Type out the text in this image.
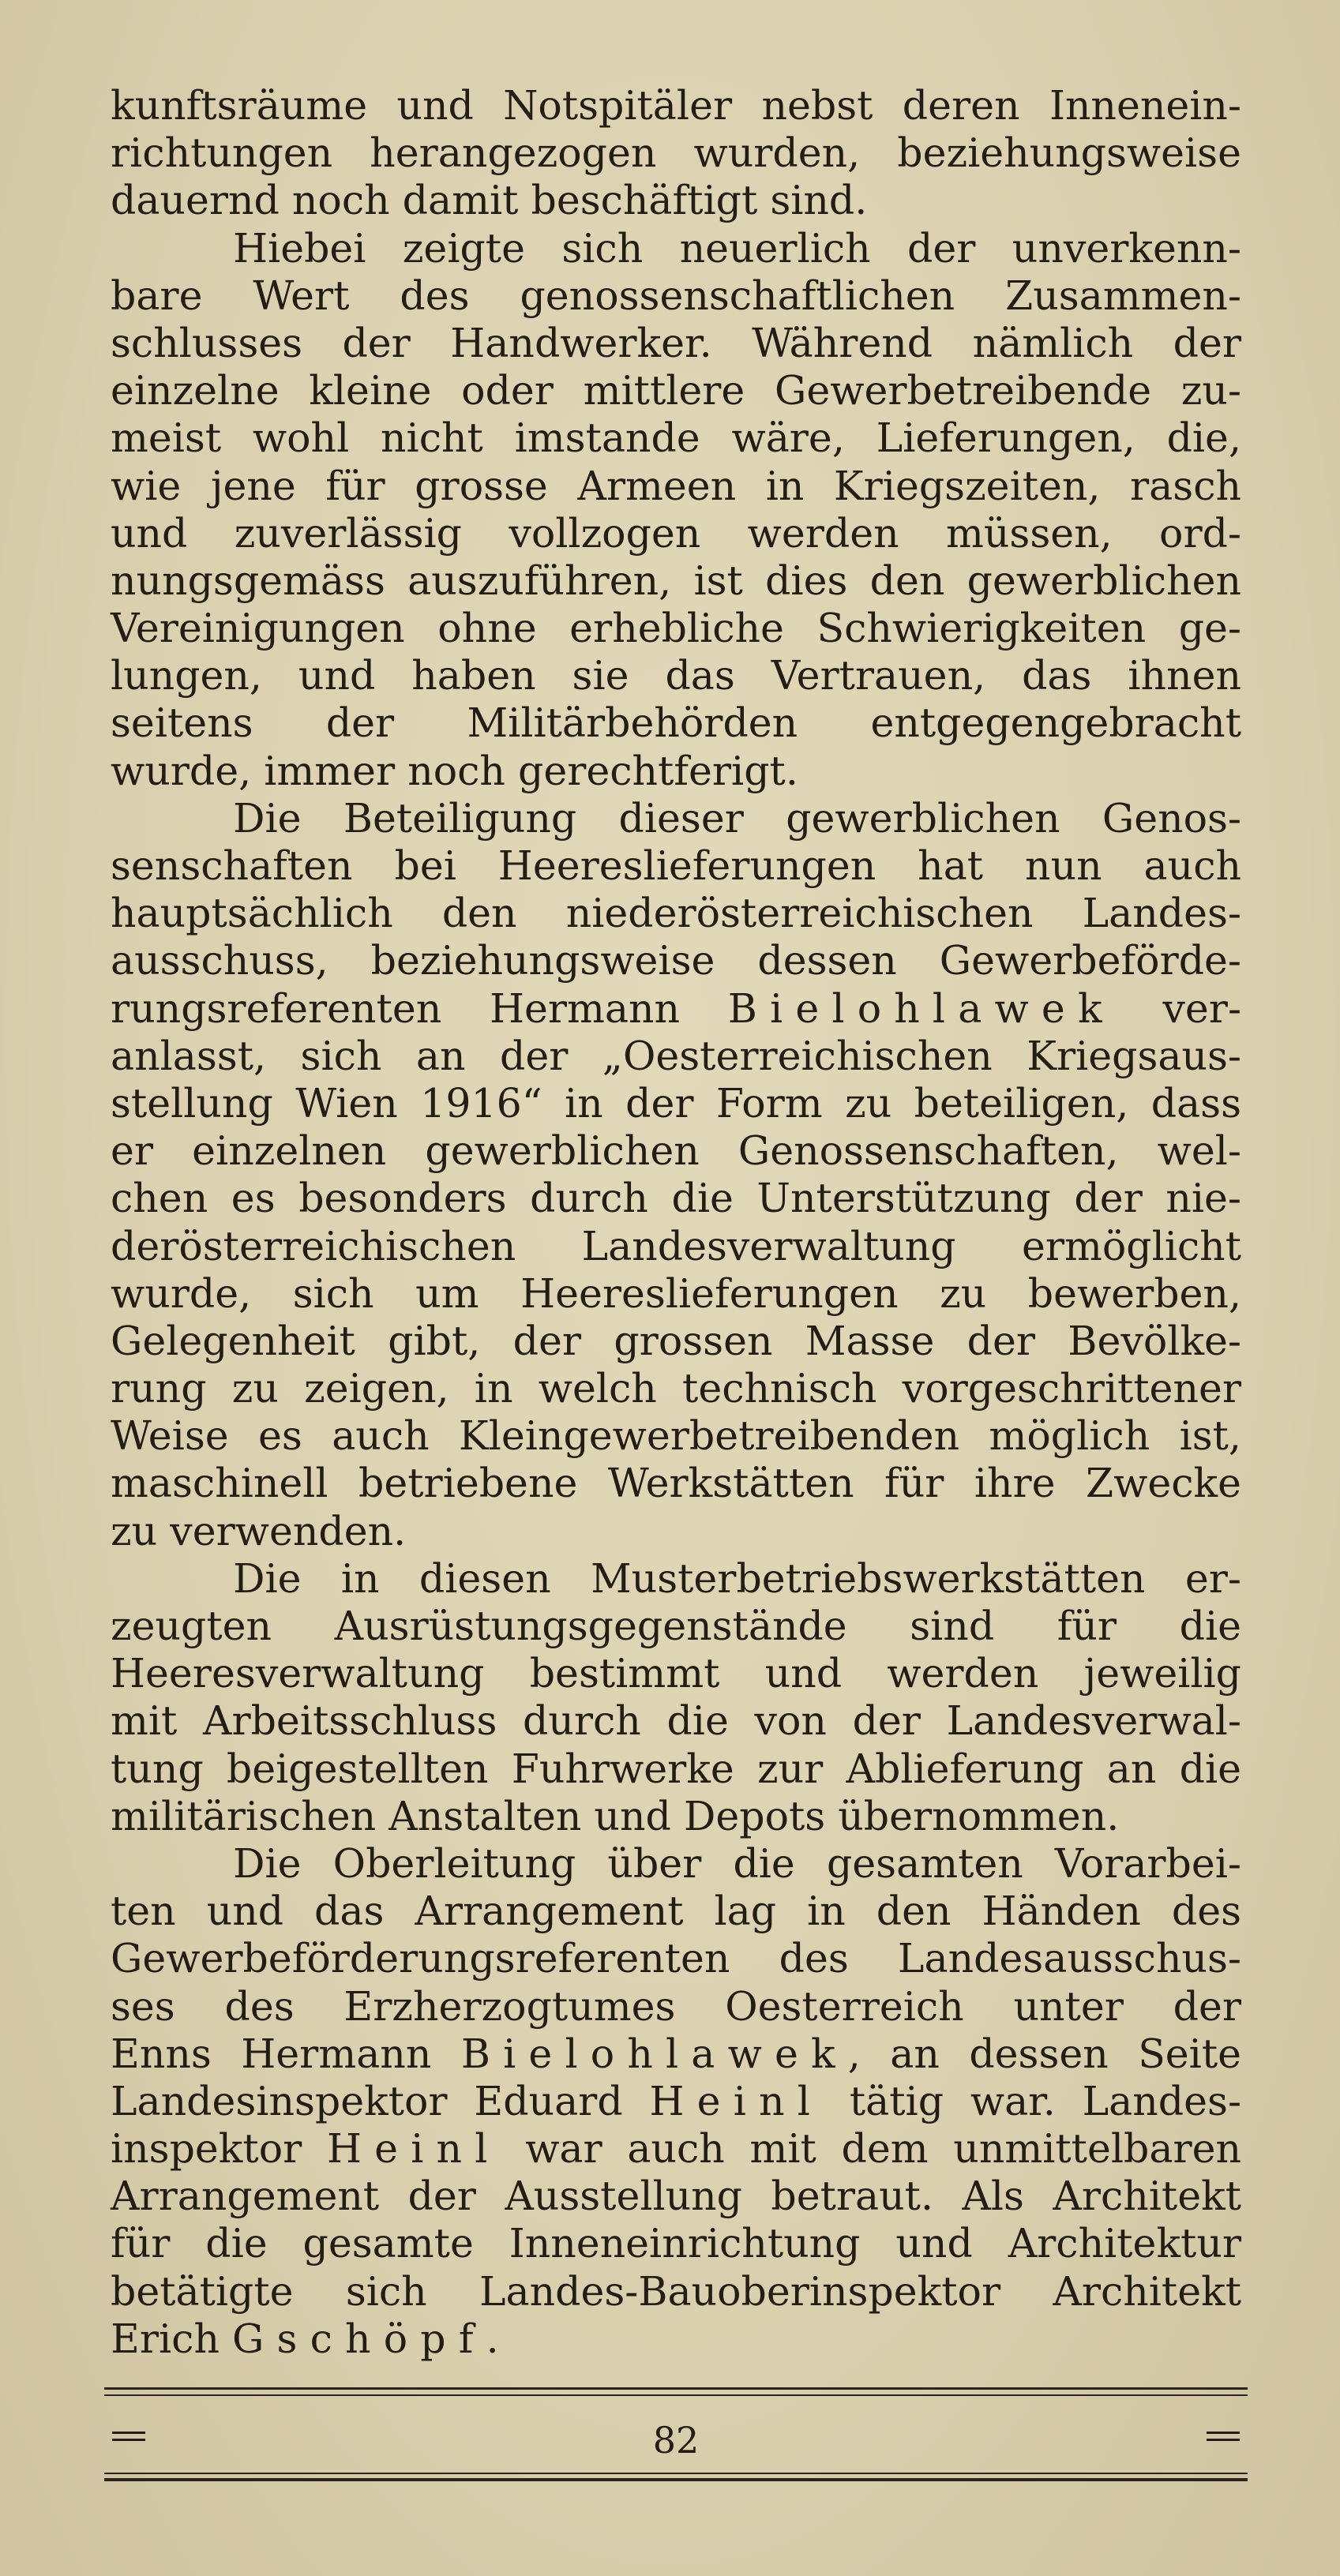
kunftsräume und Notspitäler nebst deren Innenein-
richtungen herangezogen wurden, beziehungsweise
dauernd noch damit beschäftigt sind.
Hiebei zeigte sich neuerlich der unverkenn-
bare Wert des genossenschaftlichen Zusammen-
schlusses der Handwerker. Während nämlich der
einzelne kleine oder mittlere Gewerbetreibende zu-
meist wohl nicht imstande wäre, Lieferungen, die,
wie jene für grosse Armeen in Kriegszeiten, rasch
und zuverlässig vollzogen werden müssen, ord-
nungsgemäss auszuführen, ist dies den gewerblichen
Vereinigungen ohne erhebliche Schwierigkeiten ge-
lungen, und haben sie das Vertrauen, das ihnen
seitens der Militärbehörden entgegengebracht
wurde, immer noch gerechtferigt.
Die Beteiligung dieser gewerblichen Genos-
senschaften bei Heereslieferungen hat nun auch
hauptsächlich den niederösterreichischen Landes-
ausschuss, beziehungsweise dessen Gewerbeförde-
rungsreferenten Hermann Bielohlawek ver-
anlasst, sich an der „Oesterreichischen Kriegsaus-
stellung Wien 1916“ in der Form zu beteiligen, dass
er einzelnen gewerblichen Genossenschaften, wel-
chen es besonders durch die Unterstützung der nie-
derösterreichischen Landesverwaltung ermöglicht
wurde, sich um Heereslieferungen zu bewerben,
Gelegenheit gibt, der grossen Masse der Bevölke-
rung zu zeigen, in welch technisch vorgeschrittener
Weise es auch Kleingewerbetreibenden möglich ist,
maschinell betriebene Werkstätten für ihre Zwecke
zu verwenden.
Die in diesen Musterbetriebswerkstätten er-
zeugten Ausrüstungsgegenstände sind für die
Heeresverwaltung bestimmt und werden jeweilig
mit Arbeitsschluss durch die von der Landesverwal-
tung beigestellten Fuhrwerke zur Ablieferung an die
militärischen Anstalten und Depots übernommen.
Die Oberleitung über die gesamten Vorarbei-
ten und das Arrangement lag in den Händen des
Gewerbeförderungsreferenten des Landesausschus-
ses des Erzherzogtumes Oesterreich unter der
Enns Hermann Bielohlawek, an dessen Seite
Landesinspektor Eduard Heinl tätig war. Landes-
inspektor Heinl war auch mit dem unmittelbaren
Arrangement der Ausstellung betraut. Als Architekt
für die gesamte Inneneinrichtung und Architektur
betätigte sich Landes-Bauoberinspektor Architekt
Erich Gschöpf.
82
